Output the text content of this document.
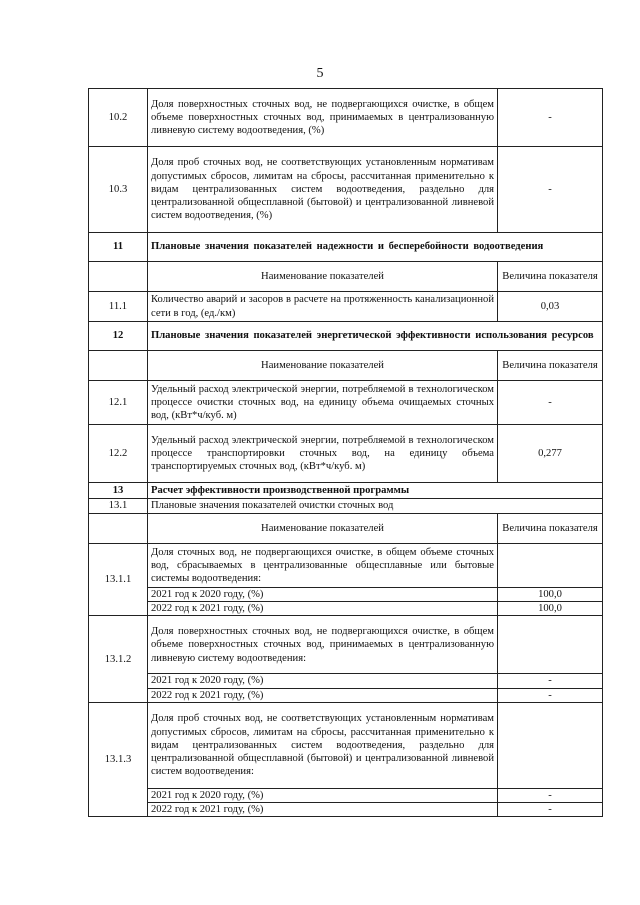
5
10.2	Доля поверхностных сточных вод, не подвергающихся очистке, в общем объеме поверхностных сточных вод, принимаемых в централизованную ливневую систему водоотведения, (%)	-
10.3	Доля проб сточных вод, не соответствующих установленным нормативам допустимых сбросов, лимитам на сбросы, рассчитанная применительно к видам централизованных систем водоотведения, раздельно для централизованной общесплавной (бытовой) и централизованной ливневой систем водоотведения, (%)	-
11	Плановые значения показателей надежности и бесперебойности водоотведения	
	Наименование показателей	Величина показателя
11.1	Количество аварий и засоров в расчете на протяженность канализационной сети в год, (ед./км)	0,03
12	Плановые значения показателей энергетической эффективности использования ресурсов	
	Наименование показателей	Величина показателя
12.1	Удельный расход электрической энергии, потребляемой в технологическом процессе очистки сточных вод, на единицу объема очищаемых сточных вод, (кВт*ч/куб. м)	-
12.2	Удельный расход электрической энергии, потребляемой в технологическом процессе транспортировки сточных вод, на единицу объема транспортируемых сточных вод, (кВт*ч/куб. м)	0,277
13	Расчет эффективности производственной программы	
13.1	Плановые значения показателей очистки сточных вод	
	Наименование показателей	Величина показателя
13.1.1	Доля сточных вод, не подвергающихся очистке, в общем объеме сточных вод, сбрасываемых в централизованные общесплавные или бытовые системы водоотведения:	
	2021 год к 2020 году, (%)	100,0
	2022 год к 2021 году, (%)	100,0
13.1.2	Доля поверхностных сточных вод, не подвергающихся очистке, в общем объеме поверхностных сточных вод, принимаемых в централизованную ливневую систему водоотведения:	
	2021 год к 2020 году, (%)	-
	2022 год к 2021 году, (%)	-
13.1.3	Доля проб сточных вод, не соответствующих установленным нормативам допустимых сбросов, лимитам на сбросы, рассчитанная применительно к видам централизованных систем водоотведения, раздельно для централизованной общесплавной (бытовой) и централизованной ливневой систем водоотведения:	
	2021 год к 2020 году, (%)	-
	2022 год к 2021 году, (%)	-
